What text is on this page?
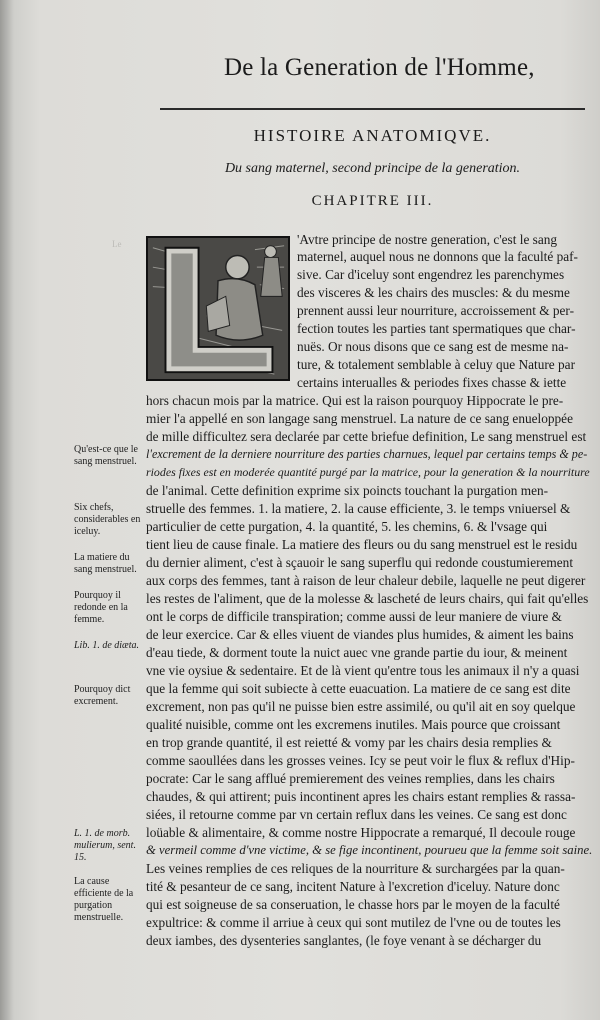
Le
De la Generation de l'Homme,
HISTOIRE ANATOMIQVE.
Du sang maternel, second principe de la generation.
CHAPITRE III.
'Avtre principe de nostre generation, c'est le sang
maternel, auquel nous ne donnons que la faculté paf-
sive. Car d'iceluy sont engendrez les parenchymes
des visceres & les chairs des muscles: & du mesme
prennent aussi leur nourriture, accroissement & per-
fection toutes les parties tant spermatiques que char-
nuës. Or nous disons que ce sang est de mesme na-
ture, & totalement semblable à celuy que Nature par
certains interualles & periodes fixes chasse & iette
hors chacun mois par la matrice. Qui est la raison pourquoy Hippocrate le pre-
mier l'a appellé en son langage sang menstruel. La nature de ce sang enueloppée
de mille difficultez sera declarée par cette briefue definition, Le sang menstruel est
l'excrement de la derniere nourriture des parties charnues, lequel par certains temps & pe-
riodes fixes est en moderée quantité purgé par la matrice, pour la generation & la nourriture
de l'animal. Cette definition exprime six poincts touchant la purgation men-
struelle des femmes. 1. la matiere, 2. la cause efficiente, 3. le temps vniuersel &
particulier de cette purgation, 4. la quantité, 5. les chemins, 6. & l'vsage qui
tient lieu de cause finale. La matiere des fleurs ou du sang menstruel est le residu
du dernier aliment, c'est à sçauoir le sang superflu qui redonde coustumierement
aux corps des femmes, tant à raison de leur chaleur debile, laquelle ne peut digerer
les restes de l'aliment, que de la molesse & lascheté de leurs chairs, qui fait qu'elles
ont le corps de difficile transpiration; comme aussi de leur maniere de viure &
de leur exercice. Car & elles viuent de viandes plus humides, & aiment les bains
d'eau tiede, & dorment toute la nuict auec vne grande partie du iour, & meinent
vne vie oysiue & sedentaire. Et de là vient qu'entre tous les animaux il n'y a quasi
que la femme qui soit subiecte à cette euacuation. La matiere de ce sang est dite
excrement, non pas qu'il ne puisse bien estre assimilé, ou qu'il ait en soy quelque
qualité nuisible, comme ont les excremens inutiles. Mais pource que croissant
en trop grande quantité, il est reietté & vomy par les chairs desia remplies &
comme saoullées dans les grosses veines. Icy se peut voir le flux & reflux d'Hip-
pocrate: Car le sang afflué premierement des veines remplies, dans les chairs
chaudes, & qui attirent; puis incontinent apres les chairs estant remplies & rassa-
siées, il retourne comme par vn certain reflux dans les veines. Ce sang est donc
loüable & alimentaire, & comme nostre Hippocrate a remarqué, Il decoule rouge
& vermeil comme d'vne victime, & se fige incontinent, pourueu que la femme soit saine.
Les veines remplies de ces reliques de la nourriture & surchargées par la quan-
tité & pesanteur de ce sang, incitent Nature à l'excretion d'iceluy. Nature donc
qui est soigneuse de sa conseruation, le chasse hors par le moyen de la faculté
expultrice: & comme il arriue à ceux qui sont mutilez de l'vne ou de toutes les
deux iambes, des dysenteries sanglantes, (le foye venant à se décharger du
Qu'est-ce que le sang menstruel.
Six chefs, considerables en iceluy.
La matiere du sang menstruel.
Pourquoy il redonde en la femme.
Lib. 1. de diæta.
Pourquoy dict excrement.
L. 1. de morb. mulierum, sent. 15.
La cause efficiente de la purgation menstruelle.
